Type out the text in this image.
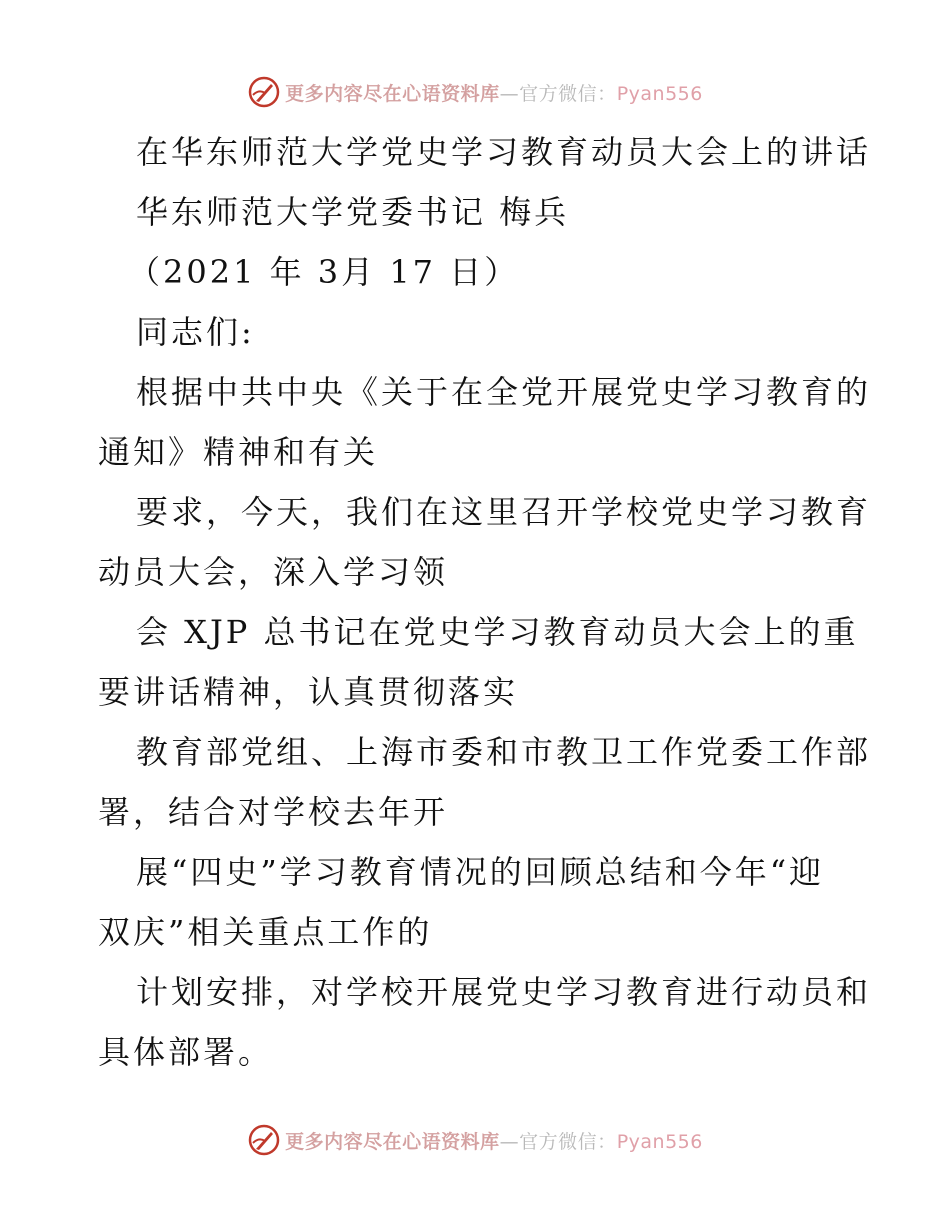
更多内容尽在心语资料库—官方微信：Pyan556
在华东师范大学党史学习教育动员大会上的讲话
华东师范大学党委书记 梅兵
（2021 年 3月 17 日）
同志们:
根据中共中央《关于在全党开展党史学习教育的
通知》精神和有关
要求，今天，我们在这里召开学校党史学习教育
动员大会，深入学习领
会 XJP 总书记在党史学习教育动员大会上的重
要讲话精神，认真贯彻落实
教育部党组、上海市委和市教卫工作党委工作部
署，结合对学校去年开
展“四史”学习教育情况的回顾总结和今年“迎
双庆”相关重点工作的
计划安排，对学校开展党史学习教育进行动员和
具体部署。
更多内容尽在心语资料库—官方微信：Pyan556
